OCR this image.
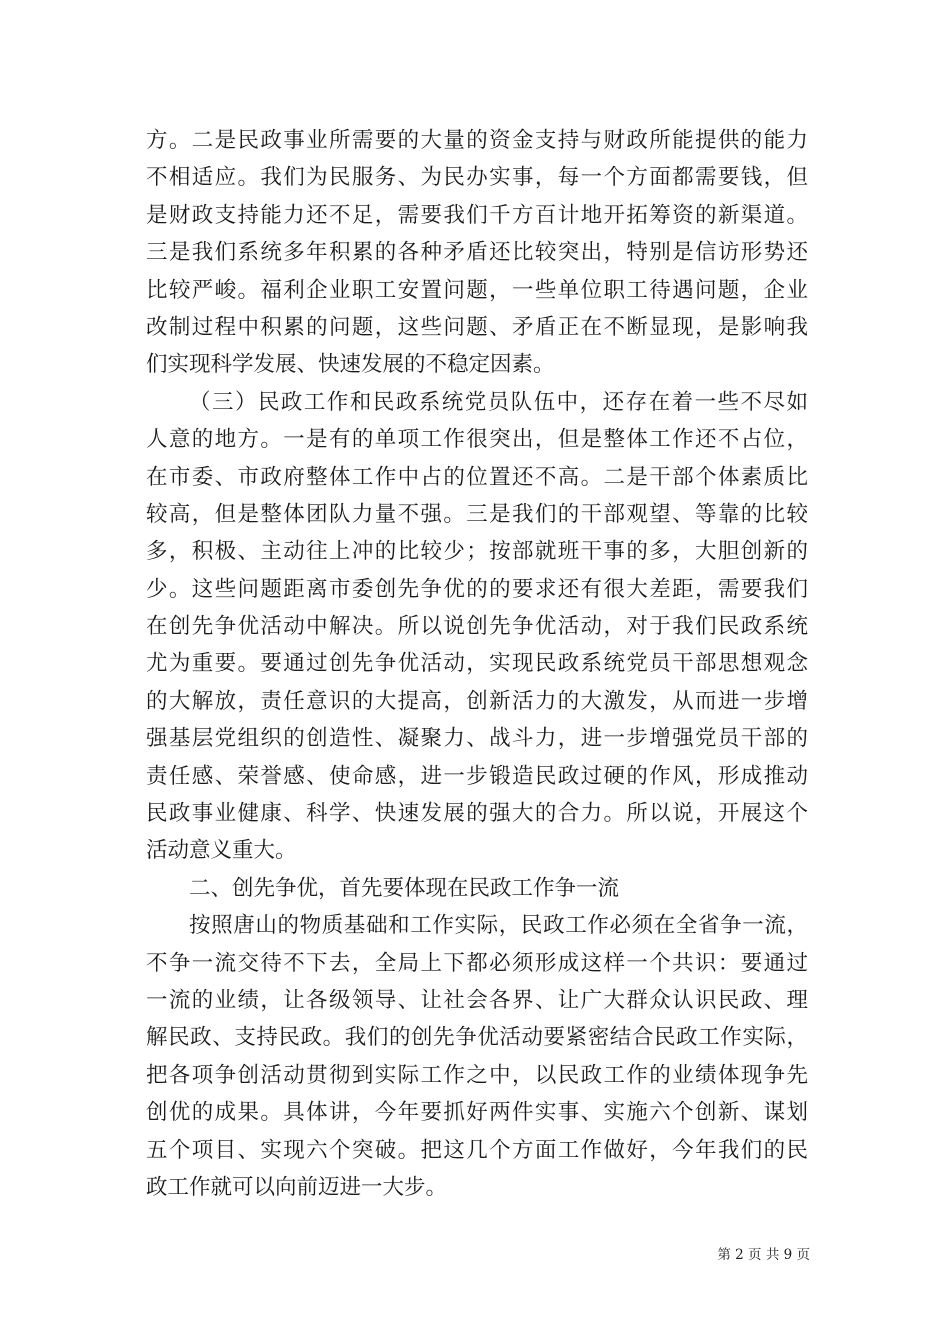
方。二是民政事业所需要的大量的资金支持与财政所能提供的能力
不相适应。我们为民服务、为民办实事，每一个方面都需要钱，但
是财政支持能力还不足，需要我们千方百计地开拓筹资的新渠道。
三是我们系统多年积累的各种矛盾还比较突出，特别是信访形势还
比较严峻。福利企业职工安置问题，一些单位职工待遇问题，企业
改制过程中积累的问题，这些问题、矛盾正在不断显现，是影响我
们实现科学发展、快速发展的不稳定因素。
（三）民政工作和民政系统党员队伍中，还存在着一些不尽如
人意的地方。一是有的单项工作很突出，但是整体工作还不占位，
在市委、市政府整体工作中占的位置还不高。二是干部个体素质比
较高，但是整体团队力量不强。三是我们的干部观望、等靠的比较
多，积极、主动往上冲的比较少；按部就班干事的多，大胆创新的
少。这些问题距离市委创先争优的的要求还有很大差距，需要我们
在创先争优活动中解决。所以说创先争优活动，对于我们民政系统
尤为重要。要通过创先争优活动，实现民政系统党员干部思想观念
的大解放，责任意识的大提高，创新活力的大激发，从而进一步增
强基层党组织的创造性、凝聚力、战斗力，进一步增强党员干部的
责任感、荣誉感、使命感，进一步锻造民政过硬的作风，形成推动
民政事业健康、科学、快速发展的强大的合力。所以说，开展这个
活动意义重大。
二、创先争优，首先要体现在民政工作争一流
按照唐山的物质基础和工作实际，民政工作必须在全省争一流，
不争一流交待不下去，全局上下都必须形成这样一个共识：要通过
一流的业绩，让各级领导、让社会各界、让广大群众认识民政、理
解民政、支持民政。我们的创先争优活动要紧密结合民政工作实际，
把各项争创活动贯彻到实际工作之中，以民政工作的业绩体现争先
创优的成果。具体讲，今年要抓好两件实事、实施六个创新、谋划
五个项目、实现六个突破。把这几个方面工作做好，今年我们的民
政工作就可以向前迈进一大步。
第 2 页 共 9 页
